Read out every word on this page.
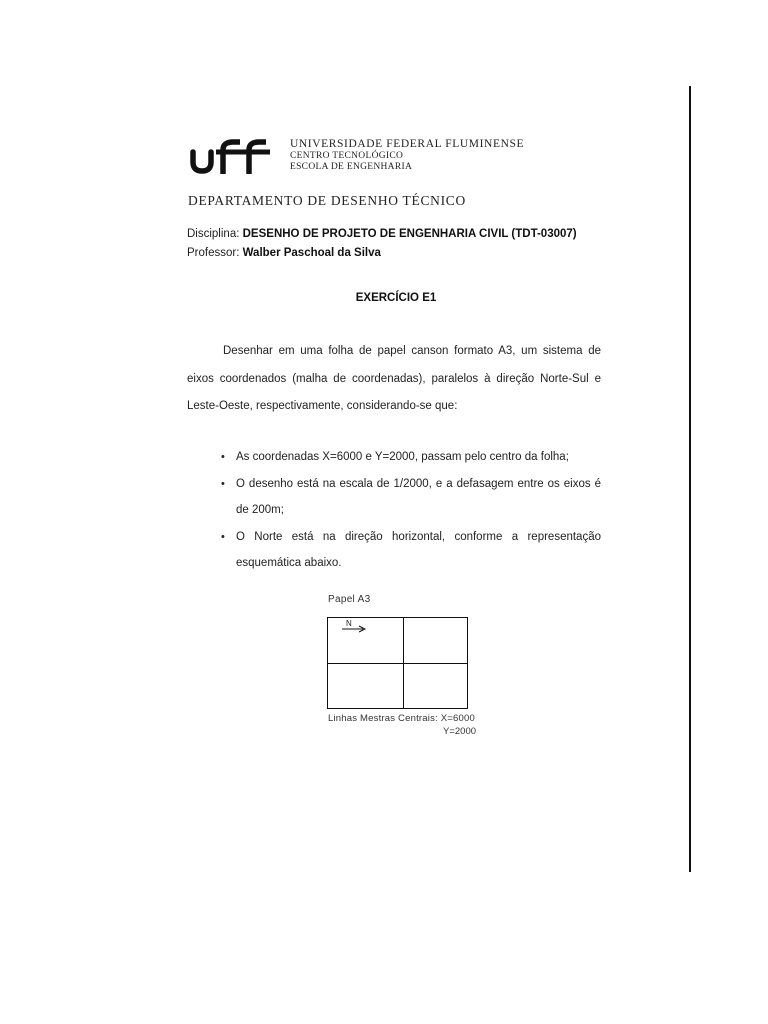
UNIVERSIDADE FEDERAL FLUMINENSE
CENTRO TECNOLÓGICO
ESCOLA DE ENGENHARIA
DEPARTAMENTO DE DESENHO TÉCNICO
Disciplina: DESENHO DE PROJETO DE ENGENHARIA CIVIL (TDT-03007)
Professor: Walber Paschoal da Silva
EXERCÍCIO E1

Desenhar em uma folha de papel canson formato A3, um sistema de eixos coordenados (malha de coordenadas), paralelos à direção Norte-Sul e Leste-Oeste, respectivamente, considerando-se que:

• As coordenadas X=6000 e Y=2000, passam pelo centro da folha;
• O desenho está na escala de 1/2000, e a defasagem entre os eixos é de 200m;
• O Norte está na direção horizontal, conforme a representação esquemática abaixo.
Papel A3
N
Linhas Mestras Centrais: X=6000
Y=2000
